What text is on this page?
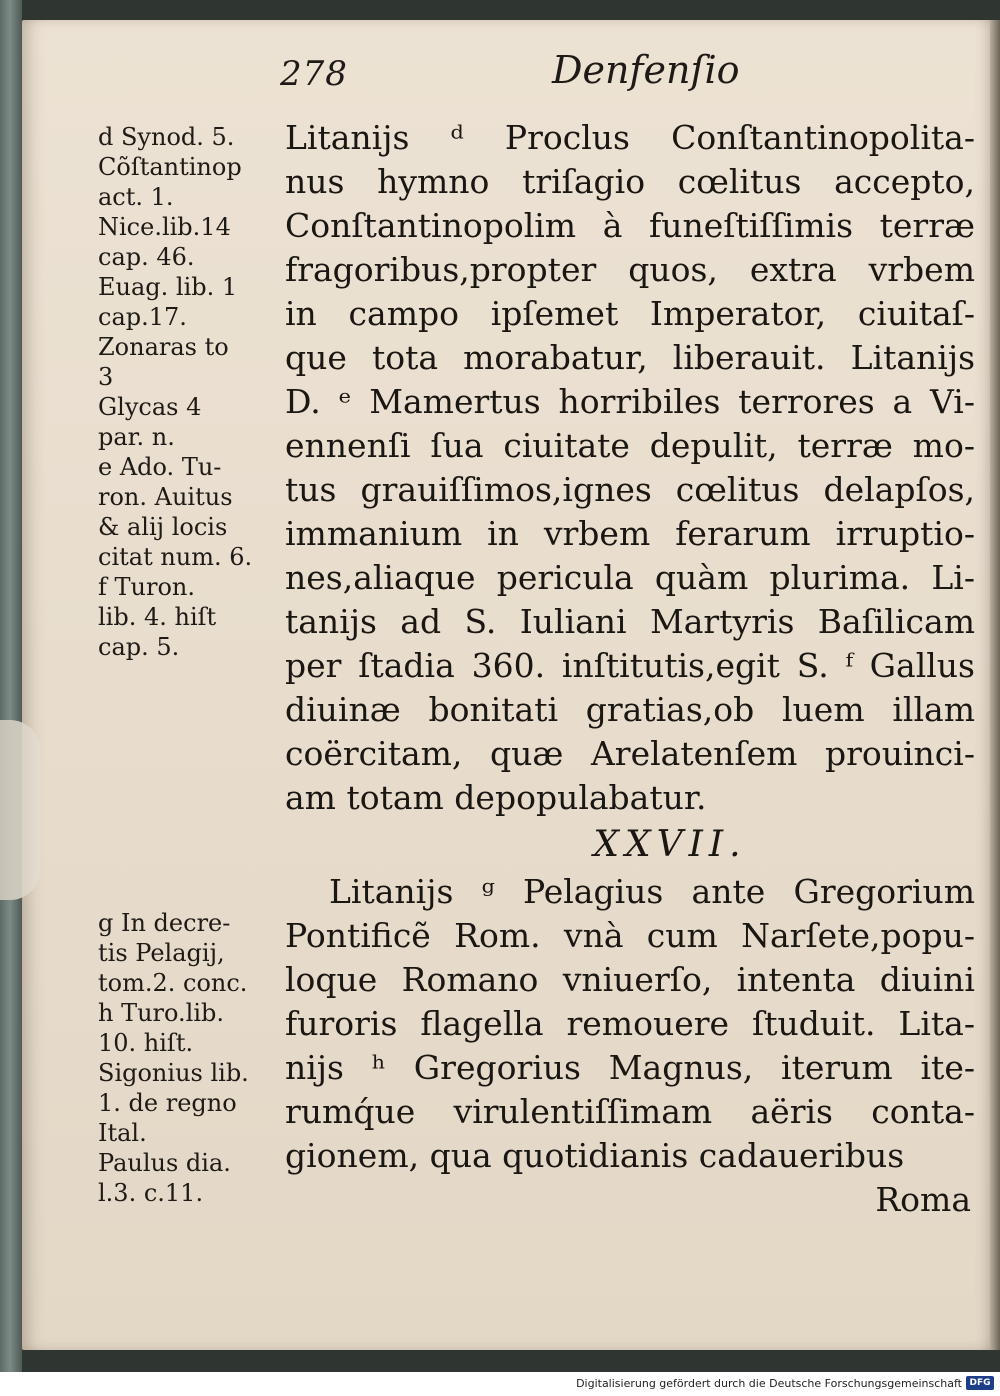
278	Denfenſio
d Synod. 5.
Cõſtantinop
act. 1.
Nice.lib.14
cap. 46.
Euag. lib. 1
cap.17.
Zonaras to
3
Glycas 4
par. n.
e Ado. Tu-
ron. Auitus
& alij locis
citat num. 6.
f Turon.
lib. 4. hiſt
cap. 5.
g In decre-
tis Pelagij,
tom.2. conc.
h Turo.lib.
10. hiſt.
Sigonius lib.
1. de regno
Ital.
Paulus dia.
l.3. c.11.
Litanijs ᵈ Proclus Conſtantinopolita-
nus hymno triſagio cœlitus accepto,
Conſtantinopolim à funeſtiſſimis terræ
fragoribus,propter quos, extra vrbem
in campo ipſemet Imperator, ciuitaſ-
que tota morabatur, liberauit. Litanijs
D. ᵉ Mamertus horribiles terrores a Vi-
ennenſi ſua ciuitate depulit, terræ mo-
tus grauiſſimos,ignes cœlitus delapſos,
immanium in vrbem ferarum irruptio-
nes,aliaque pericula quàm plurima. Li-
tanijs ad S. Iuliani Martyris Baſilicam
per ſtadia 360. inſtitutis,egit S. ᶠ Gallus
diuinæ bonitati gratias,ob luem illam
coërcitam, quæ Arelatenſem prouinci-
am totam depopulabatur.
XXVII.
Litanijs ᵍ Pelagius ante Gregorium
Pontificẽ Rom. vnà cum Narſete,popu-
loque Romano vniuerſo, intenta diuini
furoris flagella remouere ſtuduit. Lita-
nijs ʰ Gregorius Magnus, iterum ite-
rumq́ue virulentiſſimam aëris conta-
gionem, qua quotidianis cadaueribus
Roma
Digitalisierung gefördert durch die Deutsche Forschungsgemeinschaft DFG
